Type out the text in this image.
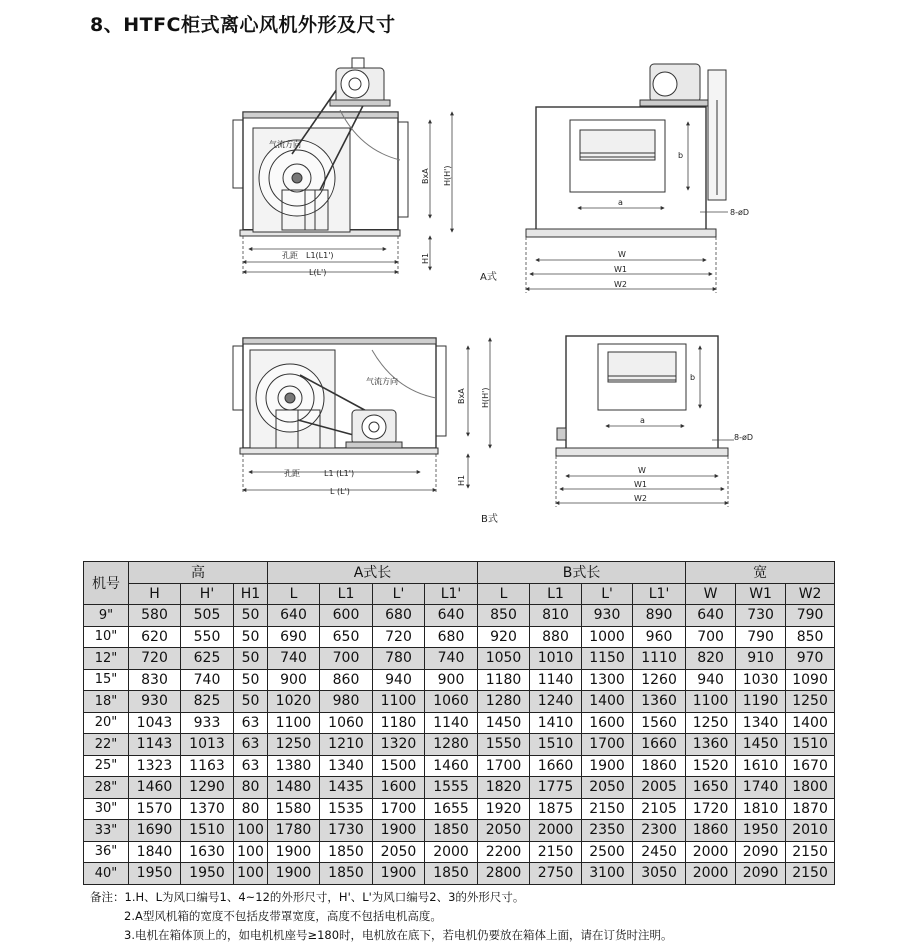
8、HTFC柜式离心风机外形及尺寸
气流方向
孔距 L1(L1')
L(L')
H1
BxA H(H')
a
b
W
W1
W2
8-øD
A式
气流方向
孔距	L1 (L1')
L (L')
H1
BxA H(H')
a
b
W
W1
W2
8-øD
B式
机号	高			A式长				B式长				宽		
	H	H'	H1	L	L1	L'	L1'	L	L1	L'	L1'	W	W1	W2
9"	580	505	50	640	600	680	640	850	810	930	890	640	730	790
10"	620	550	50	690	650	720	680	920	880	1000	960	700	790	850
12"	720	625	50	740	700	780	740	1050	1010	1150	1110	820	910	970
15"	830	740	50	900	860	940	900	1180	1140	1300	1260	940	1030	1090
18"	930	825	50	1020	980	1100	1060	1280	1240	1400	1360	1100	1190	1250
20"	1043	933	63	1100	1060	1180	1140	1450	1410	1600	1560	1250	1340	1400
22"	1143	1013	63	1250	1210	1320	1280	1550	1510	1700	1660	1360	1450	1510
25"	1323	1163	63	1380	1340	1500	1460	1700	1660	1900	1860	1520	1610	1670
28"	1460	1290	80	1480	1435	1600	1555	1820	1775	2050	2005	1650	1740	1800
30"	1570	1370	80	1580	1535	1700	1655	1920	1875	2150	2105	1720	1810	1870
33"	1690	1510	100	1780	1730	1900	1850	2050	2000	2350	2300	1860	1950	2010
36"	1840	1630	100	1900	1850	2050	2000	2200	2150	2500	2450	2000	2090	2150
40"	1950	1950	100	1900	1850	1900	1850	2800	2750	3100	3050	2000	2090	2150
备注：1.H、L为风口编号1、4~12的外形尺寸，H'、L'为风口编号2、3的外形尺寸。
2.A型风机箱的宽度不包括皮带罩宽度，高度不包括电机高度。
3.电机在箱体顶上的，如电机机座号≥180时，电机放在底下，若电机仍要放在箱体上面，请在订货时注明。
